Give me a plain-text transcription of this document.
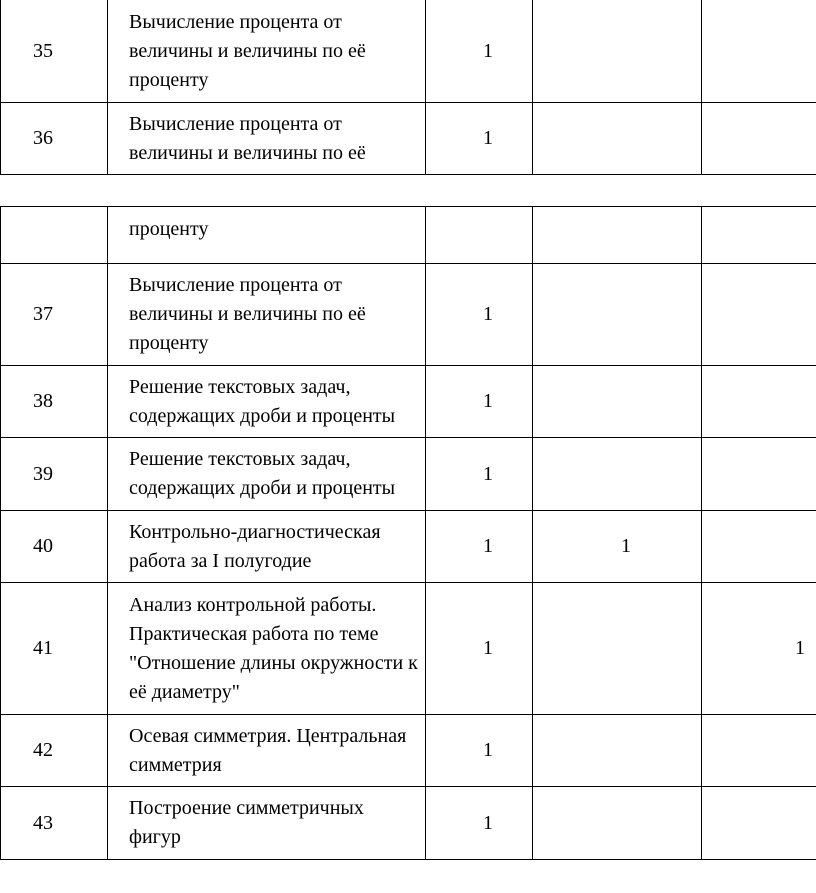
35	Вычисление процента от величины и величины по её проценту	1		
36	Вычисление процента от величины и величины по её	1		
	проценту			
37	Вычисление процента от величины и величины по её проценту	1		
38	Решение текстовых задач, содержащих дроби и проценты	1		
39	Решение текстовых задач, содержащих дроби и проценты	1		
40	Контрольно-диагностическая работа за I полугодие	1	1	
41	Анализ контрольной работы. Практическая работа по теме "Отношение длины окружности к её диаметру"	1		1
42	Осевая симметрия. Центральная симметрия	1		
43	Построение симметричных фигур	1		
